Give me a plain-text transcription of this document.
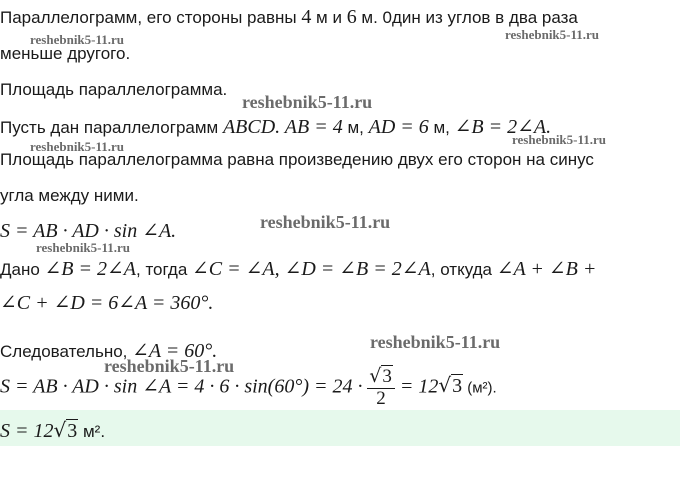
Параллелограмм, его стороны равны 4 м и 6 м. 0дин из углов в два раза
меньше другого.
Площадь параллелограмма.
Пусть дан параллелограмм ABCD. AB = 4 м, AD = 6 м, ∠B = 2∠A.
Площадь параллелограмма равна произведению двух его сторон на синус
угла между ними.
S = AB · AD · sin ∠A.
Дано ∠B = 2∠A, тогда ∠C = ∠A, ∠D = ∠B = 2∠A, откуда ∠A + ∠B +
∠C + ∠D = 6∠A = 360°.
Следовательно, ∠A = 60°.
S = AB · AD · sin ∠A = $4 \cdot 6 \cdot \sin(60^\circ) = 24 \cdot \frac{√3}{2} = 12√3$ (м²).
S = 12√3 м².
reshebnik5-11.ru	reshebnik5-11.ru
reshebnik5-11.ru
reshebnik5-11.ru	reshebnik5-11.ru
reshebnik5-11.ru
reshebnik5-11.ru
reshebnik5-11.ru
reshebnik5-11.ru
